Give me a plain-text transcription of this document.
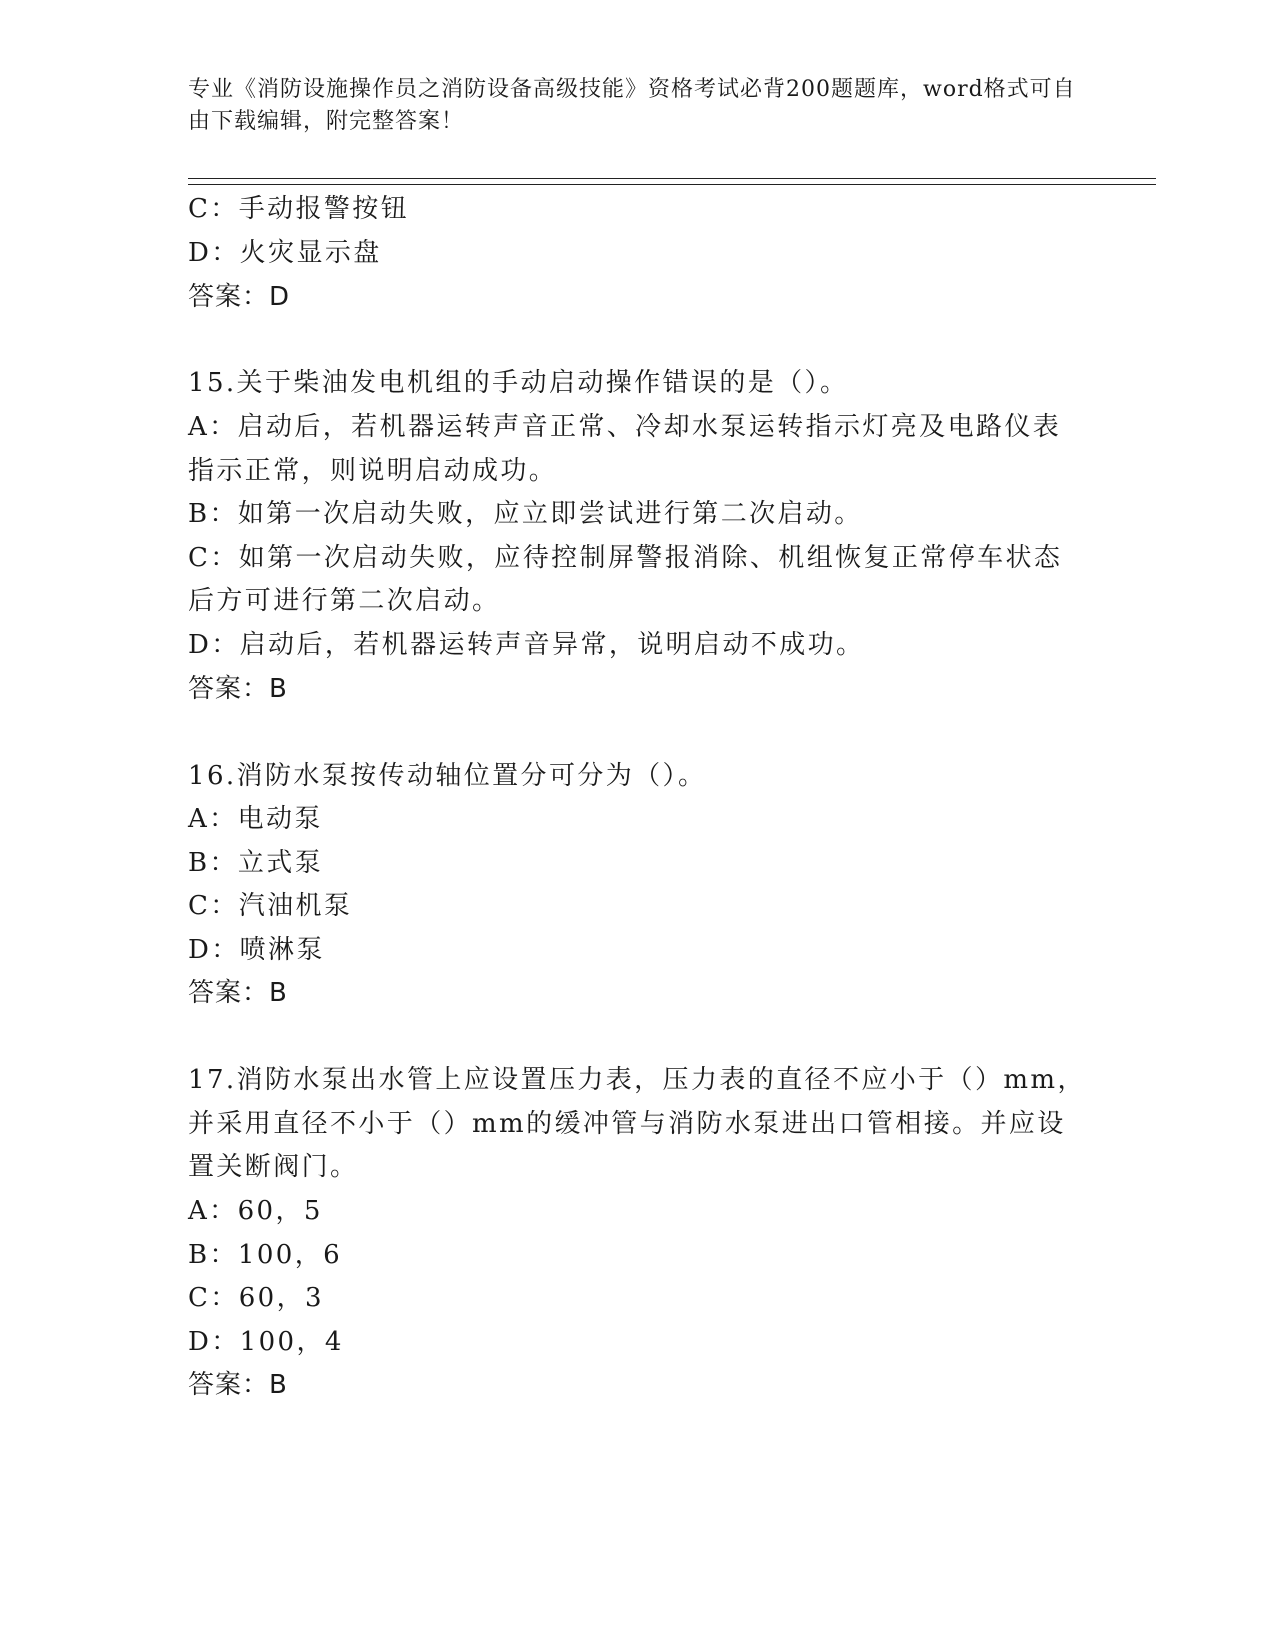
专业《消防设施操作员之消防设备高级技能》资格考试必背200题题库，word格式可自由下载编辑，附完整答案！
C：手动报警按钮
D：火灾显示盘
答案：D
15.关于柴油发电机组的手动启动操作错误的是（）。
A：启动后，若机器运转声音正常、冷却水泵运转指示灯亮及电路仪表
指示正常，则说明启动成功。
B：如第一次启动失败，应立即尝试进行第二次启动。
C：如第一次启动失败，应待控制屏警报消除、机组恢复正常停车状态
后方可进行第二次启动。
D：启动后，若机器运转声音异常，说明启动不成功。
答案：B
16.消防水泵按传动轴位置分可分为（）。
A：电动泵
B：立式泵
C：汽油机泵
D：喷淋泵
答案：B
17.消防水泵出水管上应设置压力表，压力表的直径不应小于（）mm，
并采用直径不小于（）mm的缓冲管与消防水泵进出口管相接。并应设
置关断阀门。
A：60，5
B：100，6
C：60，3
D：100，4
答案：B
